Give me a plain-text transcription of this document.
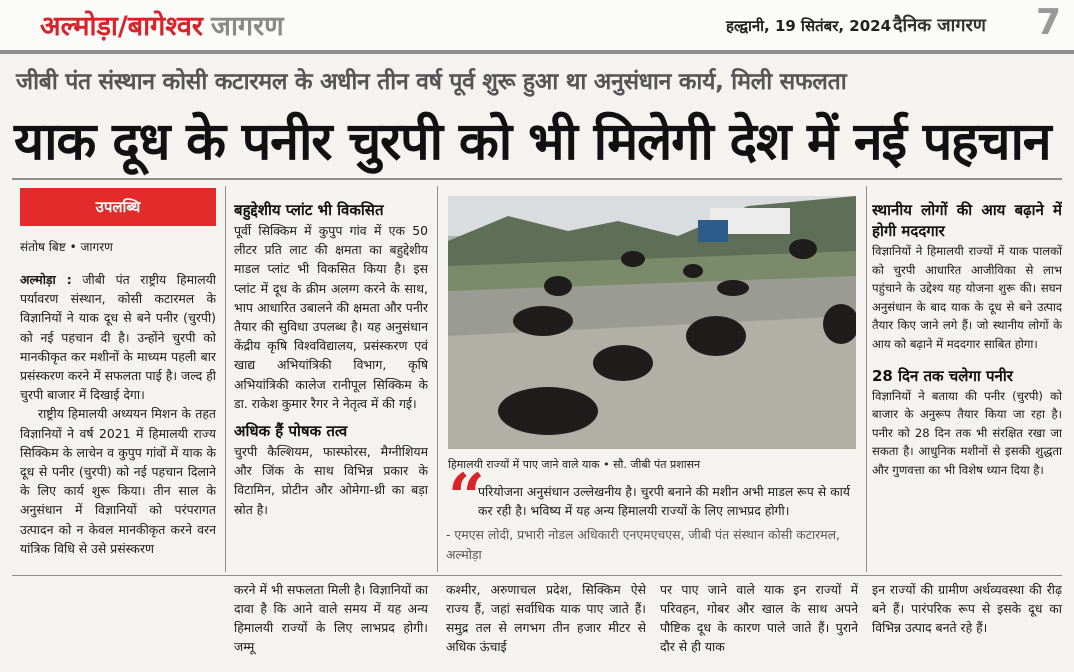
अल्मोड़ा/बागेश्वर जागरण	हल्द्वानी, 19 सितंबर, 2024 दैनिक जागरण 7
जीबी पंत संस्थान कोसी कटारमल के अधीन तीन वर्ष पूर्व शुरू हुआ था अनुसंधान कार्य, मिली सफलता
याक दूध के पनीर चुरपी को भी मिलेगी देश में नई पहचान
उपलब्धि
संतोष बिष्ट • जागरण

अल्मोड़ा : जीबी पंत राष्ट्रीय हिमालयी पर्यावरण संस्थान, कोसी कटारमल के विज्ञानियों ने याक दूध से बने पनीर (चुरपी) को नई पहचान दी है। उन्होंने चुरपी को मानकीकृत कर मशीनों के माध्यम पहली बार प्रसंस्करण करने में सफलता पाई है। जल्द ही चुरपी बाजार में दिखाई देगा।

राष्ट्रीय हिमालयी अध्ययन मिशन के तहत विज्ञानियों ने वर्ष 2021 में हिमालयी राज्य सिक्किम के लाचेन व कुपुप गांवों में याक के दूध से पनीर (चुरपी) को नई पहचान दिलाने के लिए कार्य शुरू किया। तीन साल के अनुसंधान में विज्ञानियों को परंपरागत उत्पादन को न केवल मानकीकृत करने वरन यांत्रिक विधि से उसे प्रसंस्करण

बहुद्देशीय प्लांट भी विकसित

पूर्वी सिक्किम में कुपुप गांव में एक 50 लीटर प्रति लाट की क्षमता का बहुद्देशीय माडल प्लांट भी विकसित किया है। इस प्लांट में दूध के क्रीम अलग्ग करने के साथ, भाप आधारित उबालने की क्षमता और पनीर तैयार की सुविधा उपलब्ध है। यह अनुसंधान केंद्रीय कृषि विश्वविद्यालय, प्रसंस्करण एवं खाद्य अभियांत्रिकी विभाग, कृषि अभियांत्रिकी कालेज रानीपूल सिक्किम के डा. राकेश कुमार रैगर ने नेतृत्व में की गई।

अधिक हैं पोषक तत्व

चुरपी कैल्शियम, फास्फोरस, मैग्नीशियम और जिंक के साथ विभिन्न प्रकार के विटामिन, प्रोटीन और ओमेगा-थ्री का बड़ा स्रोत है।

हिमालयी राज्यों में पाए जाने वाले याक • सौ. जीबी पंत प्रशासन
“
परियोजना अनुसंधान उल्लेखनीय है। चुरपी बनाने की मशीन अभी माडल रूप से कार्य कर रही है। भविष्य में यह अन्य हिमालयी राज्यों के लिए लाभप्रद होगी।
- एमएस लोदी, प्रभारी नोडल अधिकारी एनएमएचएस, जीबी पंत संस्थान कोसी कटारमल, अल्मोड़ा

स्थानीय लोगों की आय बढ़ाने में होगी मददगार

विज्ञानियों ने हिमालयी राज्यों में याक पालकों को चुरपी आधारित आजीविका से लाभ पहुंचाने के उद्देश्य यह योजना शुरू की। सघन अनुसंधान के बाद याक के दूध से बने उत्पाद तैयार किए जाने लगे हैं। जो स्थानीय लोगों के आय को बढ़ाने में मददगार साबित होगा।

28 दिन तक चलेगा पनीर

विज्ञानियों ने बताया की पनीर (चुरपी) को बाजार के अनुरूप तैयार किया जा रहा है। पनीर को 28 दिन तक भी संरक्षित रखा जा सकता है। आधुनिक मशीनों से इसकी शुद्धता और गुणवत्ता का भी विशेष ध्यान दिया है।

करने में भी सफलता मिली है। विज्ञानियों का दावा है कि आने वाले समय में यह अन्य हिमालयी राज्यों के लिए लाभप्रद होगी। जम्मू
कश्मीर, अरुणाचल प्रदेश, सिक्किम ऐसे राज्य हैं, जहां सर्वाधिक याक पाए जाते हैं। समुद्र तल से लगभग तीन हजार मीटर से अधिक ऊंचाई
पर पाए जाने वाले याक इन राज्यों में परिवहन, गोबर और खाल के साथ अपने पौष्टिक दूध के कारण पाले जाते हैं। पुराने दौर से ही याक
इन राज्यों की ग्रामीण अर्थव्यवस्था की रीढ़ बने हैं। पारंपरिक रूप से इसके दूध का विभिन्न उत्पाद बनते रहे हैं।
